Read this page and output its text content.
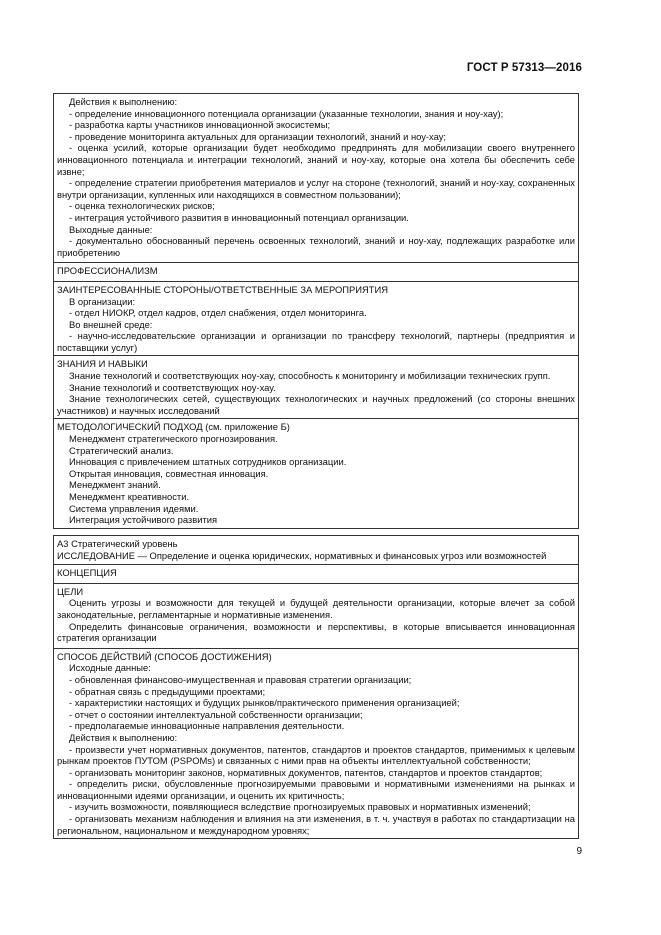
ГОСТ Р 57313—2016

Действия к выполнению:

- определение инновационного потенциала организации (указанные технологии, знания и ноу-хау);

- разработка карты участников инновационной экосистемы;

- проведение мониторинга актуальных для организации технологий, знаний и ноу-хау;

- оценка усилий, которые организации будет необходимо предпринять для мобилизации своего внутреннего инновационного потенциала и интеграции технологий, знаний и ноу-хау, которые она хотела бы обеспечить себе извне;

- определение стратегии приобретения материалов и услуг на стороне (технологий, знаний и ноу-хау, сохраненных внутри организации, купленных или находящихся в совместном пользовании);

- оценка технологических рисков;

- интеграция устойчивого развития в инновационный потенциал организации.

Выходные данные:

- документально обоснованный перечень освоенных технологий, знаний и ноу-хау, подлежащих разработке или приобретению

ПРОФЕССИОНАЛИЗМ

ЗАИНТЕРЕСОВАННЫЕ СТОРОНЫ/ОТВЕТСТВЕННЫЕ ЗА МЕРОПРИЯТИЯ

В организации:

- отдел НИОКР, отдел кадров, отдел снабжения, отдел мониторинга.

Во внешней среде:

- научно-исследовательские организации и организации по трансферу технологий, партнеры (предприятия и поставщики услуг)

ЗНАНИЯ И НАВЫКИ

Знание технологий и соответствующих ноу-хау, способность к мониторингу и мобилизации технических групп.

Знание технологий и соответствующих ноу-хау.

Знание технологических сетей, существующих технологических и научных предложений (со стороны внешних участников) и научных исследований

МЕТОДОЛОГИЧЕСКИЙ ПОДХОД (см. приложение Б)

Менеджмент стратегического прогнозирования.

Стратегический анализ.

Инновация с привлечением штатных сотрудников организации.

Открытая инновация, совместная инновация.

Менеджмент знаний.

Менеджмент креативности.

Система управления идеями.

Интеграция устойчивого развития

А3 Стратегический уровень

ИССЛЕДОВАНИЕ — Определение и оценка юридических, нормативных и финансовых угроз или возможностей

КОНЦЕПЦИЯ

ЦЕЛИ

Оценить угрозы и возможности для текущей и будущей деятельности организации, которые влечет за собой законодательные, регламентарные и нормативные изменения.

Определить финансовые ограничения, возможности и перспективы, в которые вписывается инновационная стратегия организации

СПОСОБ ДЕЙСТВИЙ (СПОСОБ ДОСТИЖЕНИЯ)

Исходные данные:

- обновленная финансово-имущественная и правовая стратегии организации;

- обратная связь с предыдущими проектами;

- характеристики настоящих и будущих рынков/практического применения организацией;

- отчет о состоянии интеллектуальной собственности организации;

- предполагаемые инновационные направления деятельности.

Действия к выполнению:

- произвести учет нормативных документов, патентов, стандартов и проектов стандартов, применимых к целевым рынкам проектов ПУТОМ (PSPOMs) и связанных с ними прав на объекты интеллектуальной собственности;

- организовать мониторинг законов, нормативных документов, патентов, стандартов и проектов стандартов;

- определить риски, обусловленные прогнозируемыми правовыми и нормативными изменениями на рынках и инновационными идеями организации, и оценить их критичность;

- изучить возможности, появляющиеся вследствие прогнозируемых правовых и нормативных изменений;

- организовать механизм наблюдения и влияния на эти изменения, в т. ч. участвуя в работах по стандартизации на региональном, национальном и международном уровнях;

9
